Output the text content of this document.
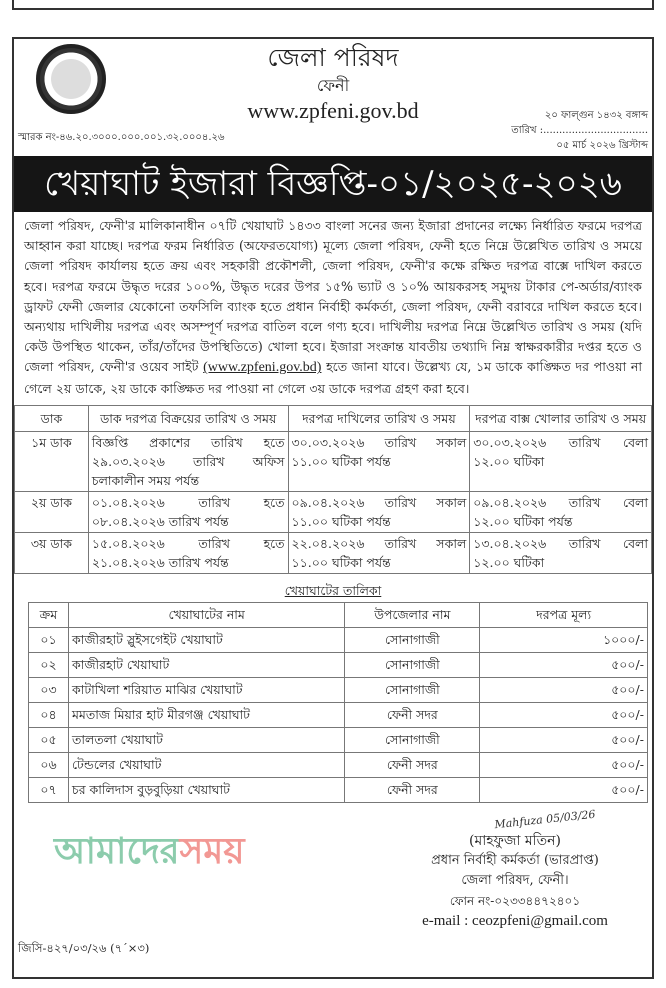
জেলা পরিষদ
ফেনী
www.zpfeni.gov.bd
স্মারক নং-৪৬.২০.৩০০০.০০০.০০১.৩২.০০০৪.২৬
২০ ফাল্গুন ১৪৩২ বঙ্গাব্দ
তারিখ :.................................
০৫ মার্চ ২০২৬ খ্রিস্টাব্দ
খেয়াঘাট ইজারা বিজ্ঞপ্তি-০১/২০২৫-২০২৬
জেলা পরিষদ, ফেনী'র মালিকানাধীন ০৭টি খেয়াঘাট ১৪৩৩ বাংলা সনের জন্য ইজারা প্রদানের লক্ষ্যে নির্ধারিত ফরমে দরপত্র আহ্বান করা যাচ্ছে। দরপত্র ফরম নির্ধারিত (অফেরতযোগ্য) মূল্যে জেলা পরিষদ, ফেনী হতে নিম্নে উল্লেখিত তারিখ ও সময়ে জেলা পরিষদ কার্যালয় হতে ক্রয় এবং সহকারী প্রকৌশলী, জেলা পরিষদ, ফেনী'র কক্ষে রক্ষিত দরপত্র বাক্সে দাখিল করতে হবে। দরপত্র ফরমে উদ্ধৃত দরের ১০০%, উদ্ধৃত দরের উপর ১৫% ভ্যাট ও ১০% আয়করসহ সমুদয় টাকার পে-অর্ডার/ব্যাংক ড্রাফট ফেনী জেলার যেকোনো তফসিলি ব্যাংক হতে প্রধান নির্বাহী কর্মকর্তা, জেলা পরিষদ, ফেনী বরাবরে দাখিল করতে হবে। অন্যথায় দাখিলীয় দরপত্র এবং অসম্পূর্ণ দরপত্র বাতিল বলে গণ্য হবে। দাখিলীয় দরপত্র নিম্নে উল্লেখিত তারিখ ও সময় (যদি কেউ উপস্থিত থাকেন, তাঁর/তাঁদের উপস্থিতিতে) খোলা হবে। ইজারা সংক্রান্ত যাবতীয় তথ্যাদি নিম্ন স্বাক্ষরকারীর দপ্তর হতে ও জেলা পরিষদ, ফেনী'র ওয়েব সাইট (www.zpfeni.gov.bd) হতে জানা যাবে। উল্লেখ্য যে, ১ম ডাকে কাঙ্ক্ষিত দর পাওয়া না গেলে ২য় ডাকে, ২য় ডাকে কাঙ্ক্ষিত দর পাওয়া না গেলে ৩য় ডাকে দরপত্র গ্রহণ করা হবে।
ডাক	ডাক দরপত্র বিক্রয়ের তারিখ ও সময়	দরপত্র দাখিলের তারিখ ও সময়	দরপত্র বাক্স খোলার তারিখ ও সময়
১ম ডাক	বিজ্ঞপ্তি প্রকাশের তারিখ হতে ২৯.০৩.২০২৬ তারিখ অফিস চলাকালীন সময় পর্যন্ত	৩০.০৩.২০২৬ তারিখ সকাল ১১.০০ ঘটিকা পর্যন্ত	৩০.০৩.২০২৬ তারিখ বেলা ১২.০০ ঘটিকা
২য় ডাক	০১.০৪.২০২৬ তারিখ হতে ০৮.০৪.২০২৬ তারিখ পর্যন্ত	০৯.০৪.২০২৬ তারিখ সকাল ১১.০০ ঘটিকা পর্যন্ত	০৯.০৪.২০২৬ তারিখ বেলা ১২.০০ ঘটিকা পর্যন্ত
৩য় ডাক	১৫.০৪.২০২৬ তারিখ হতে ২১.০৪.২০২৬ তারিখ পর্যন্ত	২২.০৪.২০২৬ তারিখ সকাল ১১.০০ ঘটিকা পর্যন্ত	১৩.০৪.২০২৬ তারিখ বেলা ১২.০০ ঘটিকা
খেয়াঘাটের তালিকা
ক্রম	খেয়াঘাটের নাম	উপজেলার নাম	দরপত্র মূল্য
০১	কাজীরহাট স্লুইসগেইট খেয়াঘাট	সোনাগাজী	১০০০/-
০২	কাজীরহাট খেয়াঘাট	সোনাগাজী	৫০০/-
০৩	কাটাখিলা শরিয়াত মাঝির খেয়াঘাট	সোনাগাজী	৫০০/-
০৪	মমতাজ মিয়ার হাট মীরগঞ্জ খেয়াঘাট	ফেনী সদর	৫০০/-
০৫	তালতলা খেয়াঘাট	সোনাগাজী	৫০০/-
০৬	টেন্ডলের খেয়াঘাট	ফেনী সদর	৫০০/-
০৭	চর কালিদাস বুড়বুড়িয়া খেয়াঘাট	ফেনী সদর	৫০০/-
আমাদেরসময়
Mahfuza 05/03/26
(মাহফুজা মতিন)
প্রধান নির্বাহী কর্মকর্তা (ভারপ্রাপ্ত)
জেলা পরিষদ, ফেনী।
ফোন নং-০২৩৩৪৪৭২৪০১
e-mail : ceozpfeni@gmail.com
জিসি-৪২৭/০৩/২৬ (৭´×৩)
